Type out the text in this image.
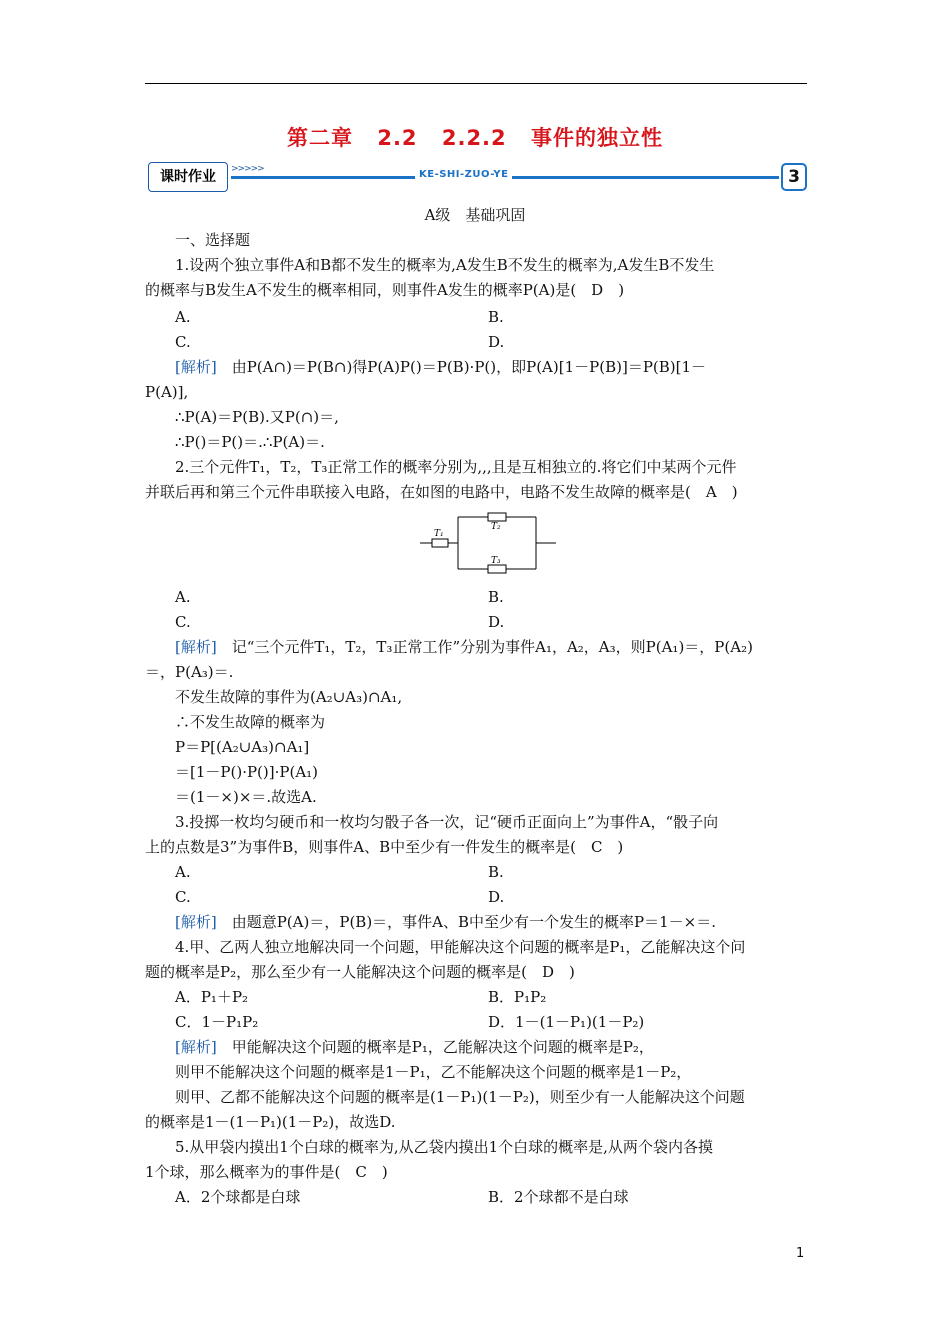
第二章 2.2 2.2.2 事件的独立性
课时作业	>>>>>	KE-SHI-ZUO-YE	3
A级　基础巩固
一、选择题
1.设两个独立事件A和B都不发生的概率为,A发生B不发生的概率为,A发生B不发生
的概率与B发生A不发生的概率相同，则事件A发生的概率P(A)是(　D　)
A.	B.
C.	D.
[解析]　由P(A∩)＝P(B∩)得P(A)P()＝P(B)·P()，即P(A)[1－P(B)]＝P(B)[1－
P(A)],
∴P(A)＝P(B).又P(∩)＝,
∴P()＝P()＝.∴P(A)＝.
2.三个元件T₁，T₂，T₃正常工作的概率分别为,,,且是互相独立的.将它们中某两个元件
并联后再和第三个元件串联接入电路，在如图的电路中，电路不发生故障的概率是(　A　)
T₁
T₂
T₃
A.	B.
C.	D.
[解析]　记“三个元件T₁，T₂，T₃正常工作”分别为事件A₁，A₂，A₃，则P(A₁)＝，P(A₂)
＝，P(A₃)＝.
不发生故障的事件为(A₂∪A₃)∩A₁,
∴不发生故障的概率为
P＝P[(A₂∪A₃)∩A₁]
＝[1－P()·P()]·P(A₁)
＝(1－×)×＝.故选A.
3.投掷一枚均匀硬币和一枚均匀骰子各一次，记“硬币正面向上”为事件A，“骰子向
上的点数是3”为事件B，则事件A、B中至少有一件发生的概率是(　C　)
A.	B.
C.	D.
[解析]　由题意P(A)＝，P(B)＝，事件A、B中至少有一个发生的概率P＝1－×＝.
4.甲、乙两人独立地解决同一个问题，甲能解决这个问题的概率是P₁，乙能解决这个问
题的概率是P₂，那么至少有一人能解决这个问题的概率是(　D　)
A．P₁＋P₂	B．P₁P₂
C．1－P₁P₂	D．1－(1－P₁)(1－P₂)
[解析]　甲能解决这个问题的概率是P₁，乙能解决这个问题的概率是P₂，
则甲不能解决这个问题的概率是1－P₁，乙不能解决这个问题的概率是1－P₂，
则甲、乙都不能解决这个问题的概率是(1－P₁)(1－P₂)，则至少有一人能解决这个问题
的概率是1－(1－P₁)(1－P₂)，故选D.
5.从甲袋内摸出1个白球的概率为,从乙袋内摸出1个白球的概率是,从两个袋内各摸
1个球，那么概率为的事件是(　C　)
A．2个球都是白球	B．2个球都不是白球
1
